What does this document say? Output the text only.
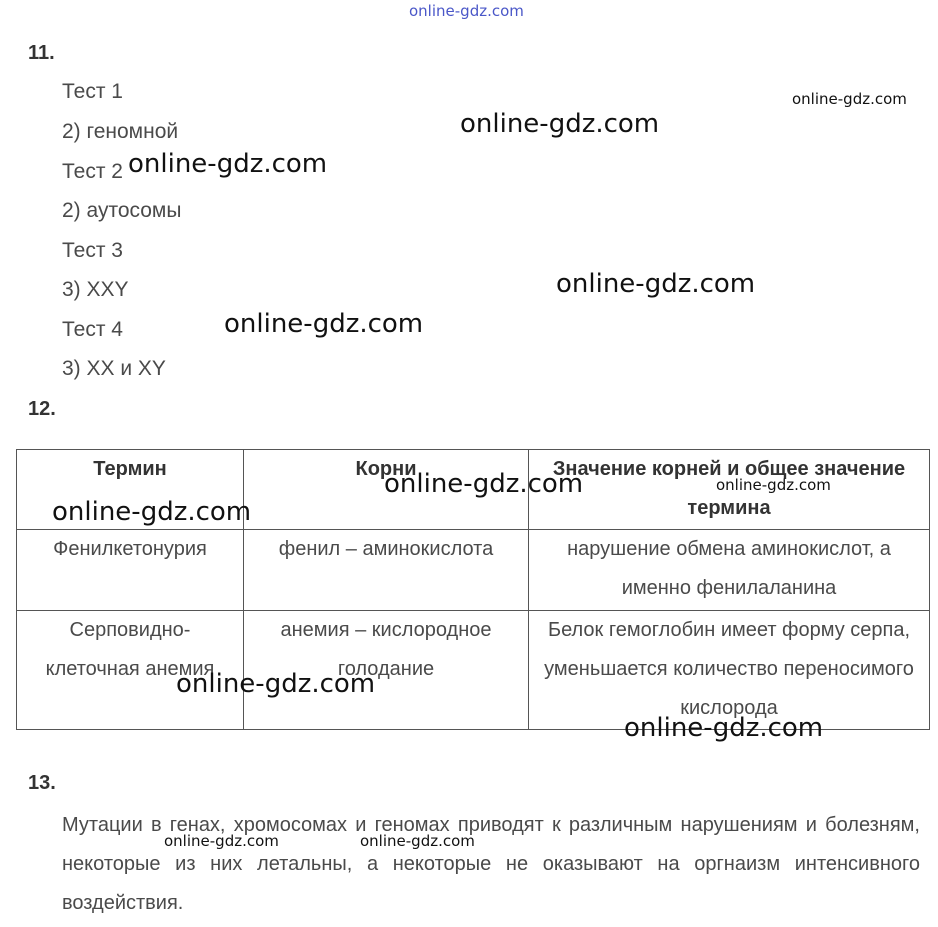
online-gdz.com
11.
Тест 1
2) геномной
Тест 2
2) аутосомы
Тест 3
3) XXY
Тест 4
3) XX и XY
12.
Термин	Корни	Значение корней и общее значение термина
Фенилкетонурия	фенил – аминокислота	нарушение обмена аминокислот, а именно фенилаланина
Серповидно-клеточная анемия	анемия – кислородное голодание	Белок гемоглобин имеет форму серпа, уменьшается количество переносимого кислорода
13.
Мутации в генах, хромосомах и геномах приводят к различным нарушениям и болезням, некоторые из них летальны, а некоторые не оказывают на оргнаизм интенсивного воздействия.
online-gdz.com
online-gdz.com
online-gdz.com
online-gdz.com
online-gdz.com
online-gdz.com	online-gdz.com
online-gdz.com
online-gdz.com
online-gdz.com
online-gdz.com	online-gdz.com
